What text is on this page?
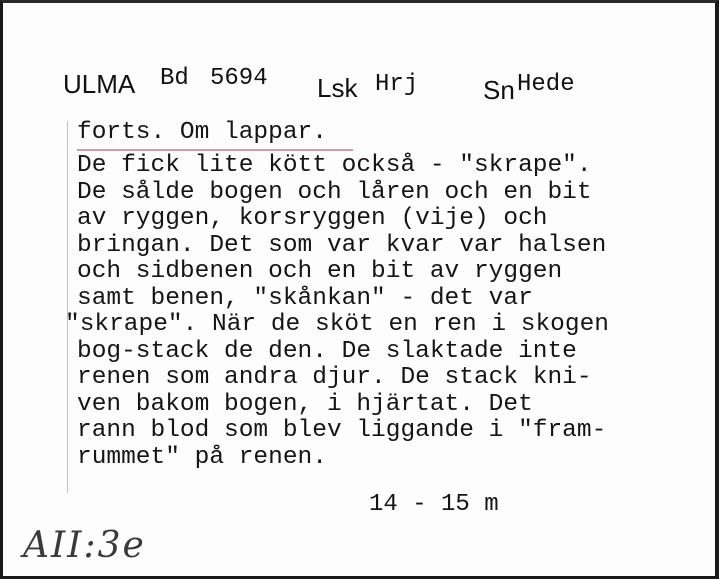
ULMA Bd 5694 Lsk Hrj Sn Hede
forts. Om lappar.
De fick lite kött också - "skrape".
De sålde bogen och låren och en bit
av ryggen, korsryggen (vije) och
bringan. Det som var kvar var halsen
och sidbenen och en bit av ryggen
samt benen, "skånkan" - det var
"skrape". När de sköt en ren i skogen
bog-stack de den. De slaktade inte
renen som andra djur. De stack kni-
ven bakom bogen, i hjärtat. Det
rann blod som blev liggande i "fram-
rummet" på renen.
14 - 15 m
AII:3e
